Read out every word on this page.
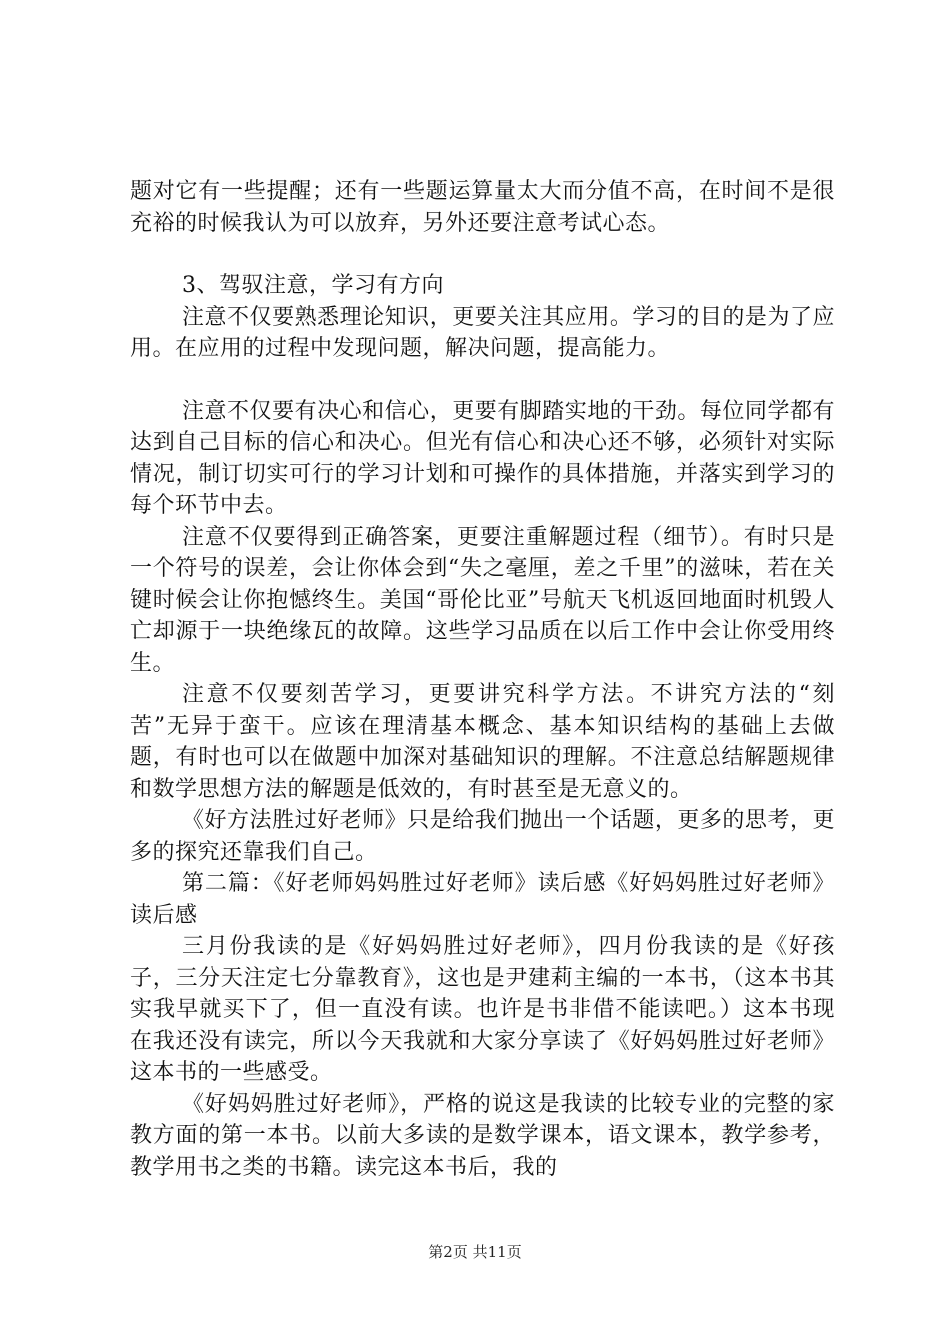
题对它有一些提醒；还有一些题运算量太大而分值不高，在时间不是很充裕的时候我认为可以放弃，另外还要注意考试心态。

3、驾驭注意，学习有方向

注意不仅要熟悉理论知识，更要关注其应用。学习的目的是为了应用。在应用的过程中发现问题，解决问题，提高能力。

注意不仅要有决心和信心，更要有脚踏实地的干劲。每位同学都有达到自己目标的信心和决心。但光有信心和决心还不够，必须针对实际情况，制订切实可行的学习计划和可操作的具体措施，并落实到学习的每个环节中去。

注意不仅要得到正确答案，更要注重解题过程（细节）。有时只是一个符号的误差，会让你体会到“失之毫厘，差之千里”的滋味，若在关键时候会让你抱憾终生。美国“哥伦比亚”号航天飞机返回地面时机毁人亡却源于一块绝缘瓦的故障。这些学习品质在以后工作中会让你受用终生。

注意不仅要刻苦学习，更要讲究科学方法。不讲究方法的“刻苦”无异于蛮干。应该在理清基本概念、基本知识结构的基础上去做题，有时也可以在做题中加深对基础知识的理解。不注意总结解题规律和数学思想方法的解题是低效的，有时甚至是无意义的。

《好方法胜过好老师》只是给我们抛出一个话题，更多的思考，更多的探究还靠我们自己。

第二篇：《好老师妈妈胜过好老师》读后感《好妈妈胜过好老师》读后感

三月份我读的是《好妈妈胜过好老师》，四月份我读的是《好孩子，三分天注定七分靠教育》，这也是尹建莉主编的一本书，（这本书其实我早就买下了，但一直没有读。也许是书非借不能读吧。）这本书现在我还没有读完，所以今天我就和大家分享读了《好妈妈胜过好老师》这本书的一些感受。

《好妈妈胜过好老师》，严格的说这是我读的比较专业的完整的家教方面的第一本书。以前大多读的是数学课本，语文课本，教学参考，教学用书之类的书籍。读完这本书后，我的

第2页 共11页
